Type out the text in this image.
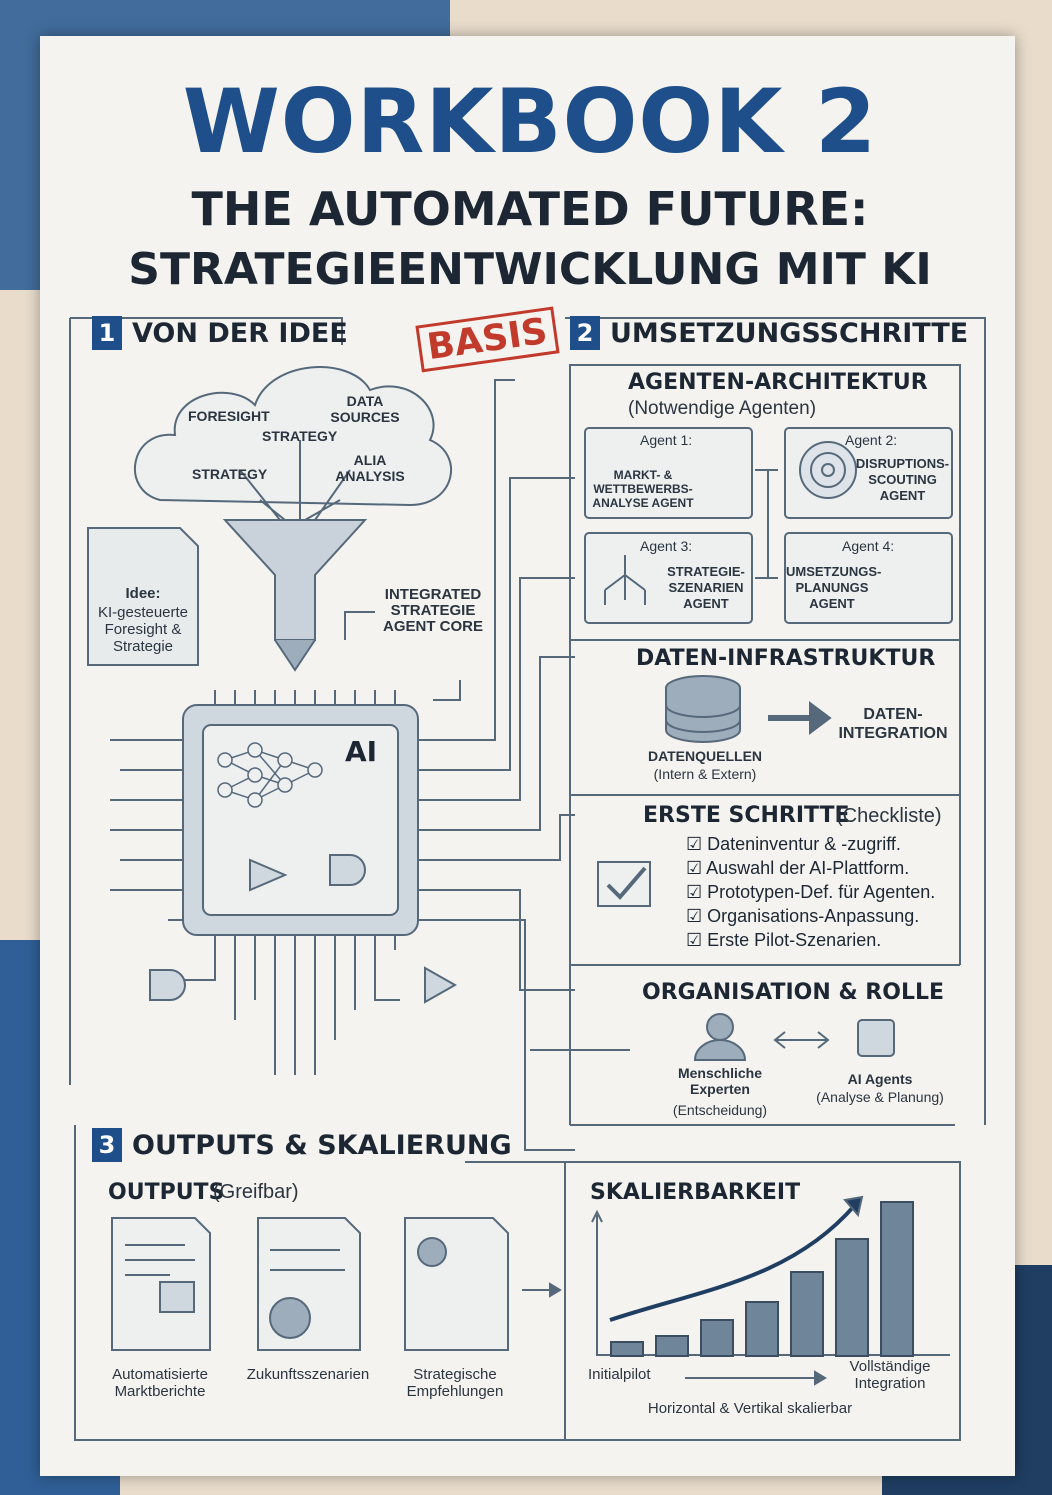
WORKBOOK 2
THE AUTOMATED FUTURE:
STRATEGIEENTWICKLUNG MIT KI
1 VON DER IDEE BASIS	2 UMSETZUNGSSCHRITTE
3 OUTPUTS & SKALIERUNG
FORESIGHT
STRATEGY
DATA SOURCES
STRATEGY
ALIA ANALYSIS
Idee:
KI-gesteuerte Foresight & Strategie
INTEGRATED STRATEGIE AGENT CORE
AI
AGENTEN-ARCHITEKTUR
(Notwendige Agenten)
Agent 1:
MARKT- & WETTBEWERBS-ANALYSE AGENT
Agent 2:
DISRUPTIONS-SCOUTING AGENT
Agent 3:
STRATEGIE-SZENARIEN AGENT
Agent 4:
UMSETZUNGS-PLANUNGS AGENT
DATEN-INFRASTRUKTUR
DATENQUELLEN
(Intern & Extern)
DATEN-INTEGRATION
ERSTE SCHRITTE
(Checkliste)
☑ Dateninventur & -zugriff.
☑ Auswahl der AI-Plattform.
☑ Prototypen-Def. für Agenten.
☑ Organisations-Anpassung.
☑ Erste Pilot-Szenarien.
ORGANISATION & ROLLE
Menschliche Experten
(Entscheidung)
AI Agents
(Analyse & Planung)
OUTPUTS
(Greifbar)
Automatisierte Marktberichte
Zukunftsszenarien	Strategische Empfehlungen
SKALIERBARKEIT
Initialpilot	Vollständige Integration
Horizontal & Vertikal skalierbar
